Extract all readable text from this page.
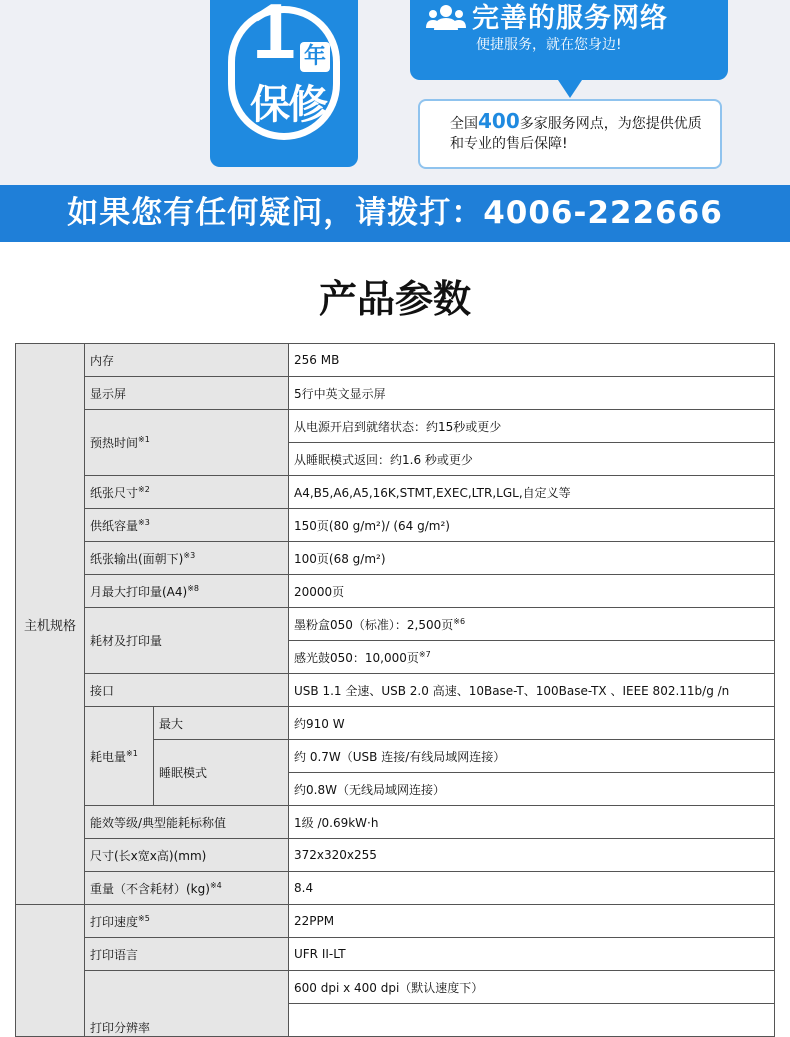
1 年
保修
完善的服务网络
便捷服务，就在您身边!
全国400多家服务网点，为您提供优质和专业的售后保障!
如果您有任何疑问，请拨打：4006-222666
产品参数
主机规格	内存		256 MB
	显示屏		5行中英文显示屏
	预热时间$^{※1}$		从电源开启到就绪状态：约15秒或更少
			从睡眠模式返回：约1.6 秒或更少
	纸张尺寸$^{※2}$		A4,B5,A6,A5,16K,STMT,EXEC,LTR,LGL,自定义等
	供纸容量$^{※3}$		150页(80 g/m²)/ (64 g/m²)
	纸张输出(面朝下)$^{※3}$		100页(68 g/m²)
	月最大打印量$(A4)^{※8}$		20000页
	耗材及打印量		墨粉盒050（标准）：2,500页$^{※6}$
			感光鼓050：10,000页$^{※7}$
	接口		USB 1.1 全速、USB 2.0 高速、10Base-T、100Base-TX 、IEEE 802.11b/g /n
	耗电量$^{※1}$	最大	约910 W
		睡眠模式	约 0.7W（USB 连接/有线局域网连接）
			约0.8W（无线局域网连接）
	能效等级/典型能耗标称值		1级 /0.69kW·h
	尺寸(长x宽x高)(mm)		372x320x255
	重量（不含耗材）(kg)$^{※4}$		8.4
	打印速度$^{※5}$		22PPM
	打印语言		UFR II-LT
	打印分辨率		600 dpi x 400 dpi（默认速度下）
